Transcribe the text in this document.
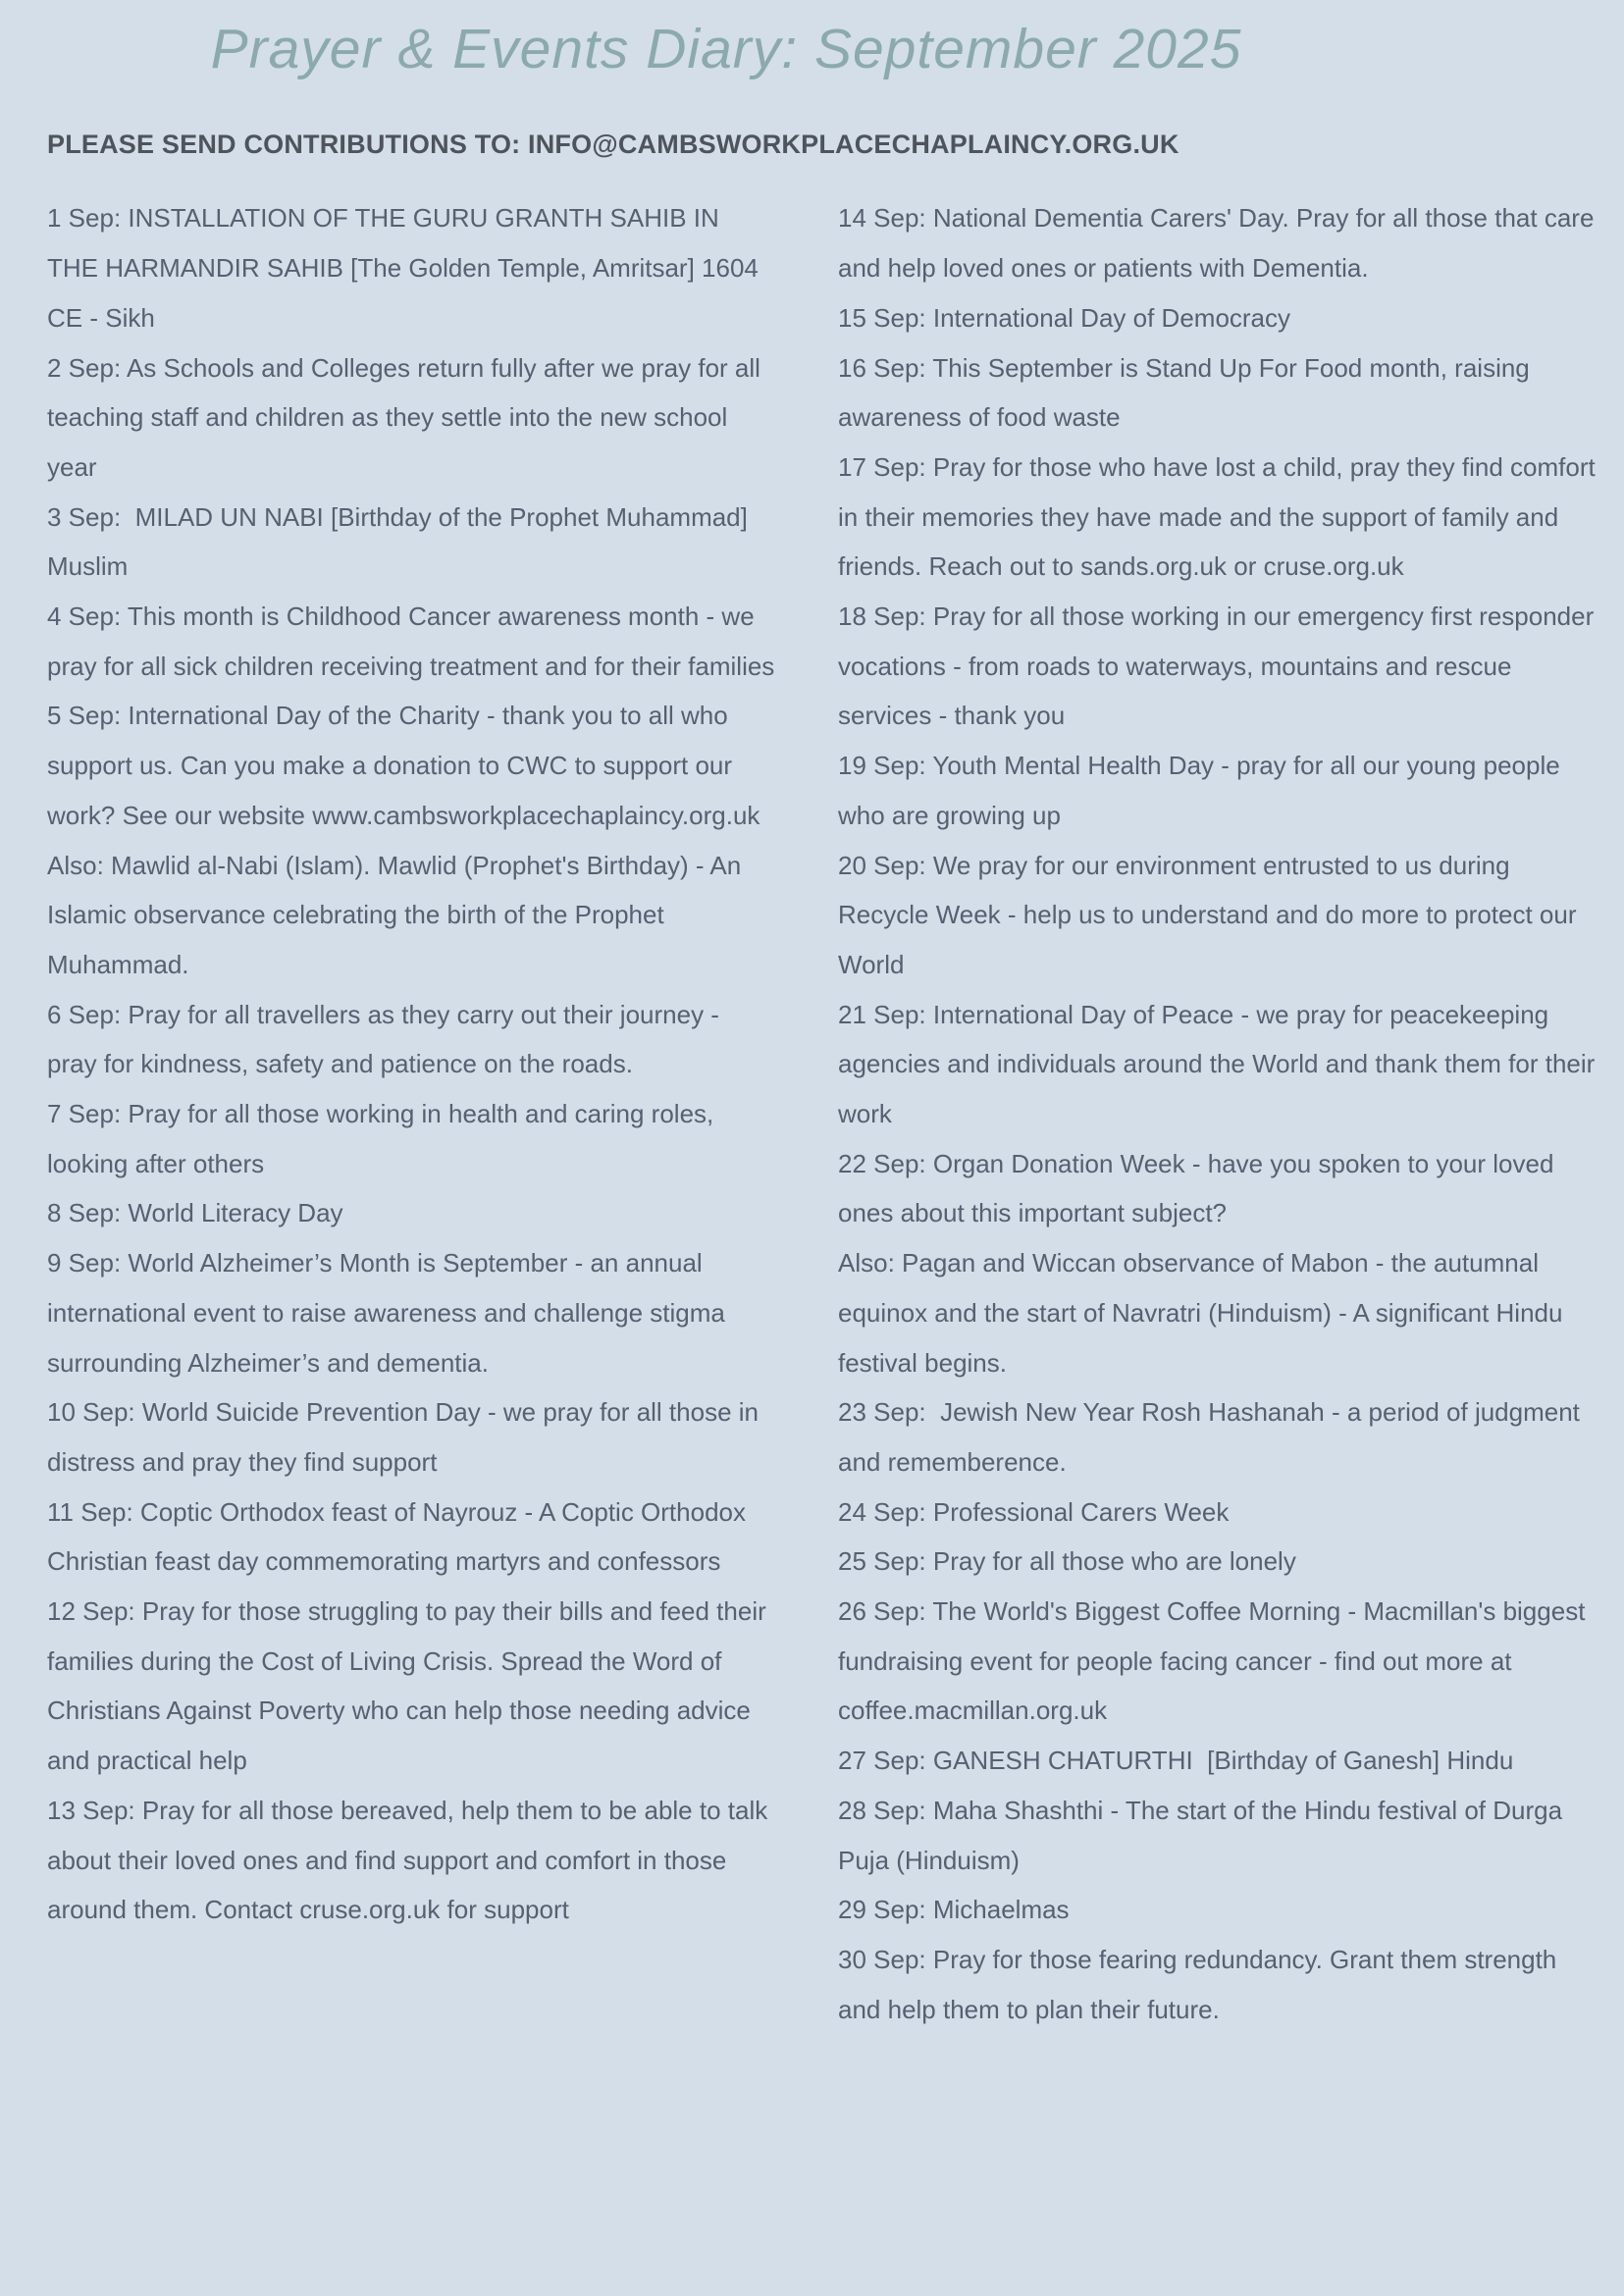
Prayer & Events Diary: September 2025
PLEASE SEND CONTRIBUTIONS TO: INFO@CAMBSWORKPLACECHAPLAINCY.ORG.UK

1 Sep: INSTALLATION OF THE GURU GRANTH SAHIB IN THE HARMANDIR SAHIB [The Golden Temple, Amritsar] 1604 CE - Sikh

2 Sep: As Schools and Colleges return fully after we pray for all teaching staff and children as they settle into the new school year

3 Sep:  MILAD UN NABI [Birthday of the Prophet Muhammad] Muslim

4 Sep: This month is Childhood Cancer awareness month - we pray for all sick children receiving treatment and for their families

5 Sep: International Day of the Charity - thank you to all who support us. Can you make a donation to CWC to support our work? See our website www.cambsworkplacechaplaincy.org.uk

Also: Mawlid al-Nabi (Islam). Mawlid (Prophet's Birthday) - An Islamic observance celebrating the birth of the Prophet Muhammad.

6 Sep: Pray for all travellers as they carry out their journey - pray for kindness, safety and patience on the roads.

7 Sep: Pray for all those working in health and caring roles, looking after others

8 Sep: World Literacy Day

9 Sep: World Alzheimer’s Month is September - an annual international event to raise awareness and challenge stigma surrounding Alzheimer’s and dementia.

10 Sep: World Suicide Prevention Day - we pray for all those in distress and pray they find support

11 Sep: Coptic Orthodox feast of Nayrouz - A Coptic Orthodox Christian feast day commemorating martyrs and confessors

12 Sep: Pray for those struggling to pay their bills and feed their families during the Cost of Living Crisis. Spread the Word of Christians Against Poverty who can help those needing advice and practical help

13 Sep: Pray for all those bereaved, help them to be able to talk about their loved ones and find support and comfort in those around them. Contact cruse.org.uk for support

14 Sep: National Dementia Carers' Day. Pray for all those that care and help loved ones or patients with Dementia.

15 Sep: International Day of Democracy

16 Sep: This September is Stand Up For Food month, raising awareness of food waste

17 Sep: Pray for those who have lost a child, pray they find comfort in their memories they have made and the support of family and friends. Reach out to sands.org.uk or cruse.org.uk

18 Sep: Pray for all those working in our emergency first responder vocations - from roads to waterways, mountains and rescue services - thank you

19 Sep: Youth Mental Health Day - pray for all our young people who are growing up

20 Sep: We pray for our environment entrusted to us during Recycle Week - help us to understand and do more to protect our World

21 Sep: International Day of Peace - we pray for peacekeeping agencies and individuals around the World and thank them for their work

22 Sep: Organ Donation Week - have you spoken to your loved ones about this important subject?

Also: Pagan and Wiccan observance of Mabon - the autumnal equinox and the start of Navratri (Hinduism) - A significant Hindu festival begins.

23 Sep:  Jewish New Year Rosh Hashanah - a period of judgment and rememberence.

24 Sep: Professional Carers Week

25 Sep: Pray for all those who are lonely

26 Sep: The World's Biggest Coffee Morning - Macmillan's biggest fundraising event for people facing cancer - find out more at coffee.macmillan.org.uk

27 Sep: GANESH CHATURTHI  [Birthday of Ganesh] Hindu

28 Sep: Maha Shashthi - The start of the Hindu festival of Durga Puja (Hinduism)

29 Sep: Michaelmas

30 Sep: Pray for those fearing redundancy. Grant them strength and help them to plan their future.
